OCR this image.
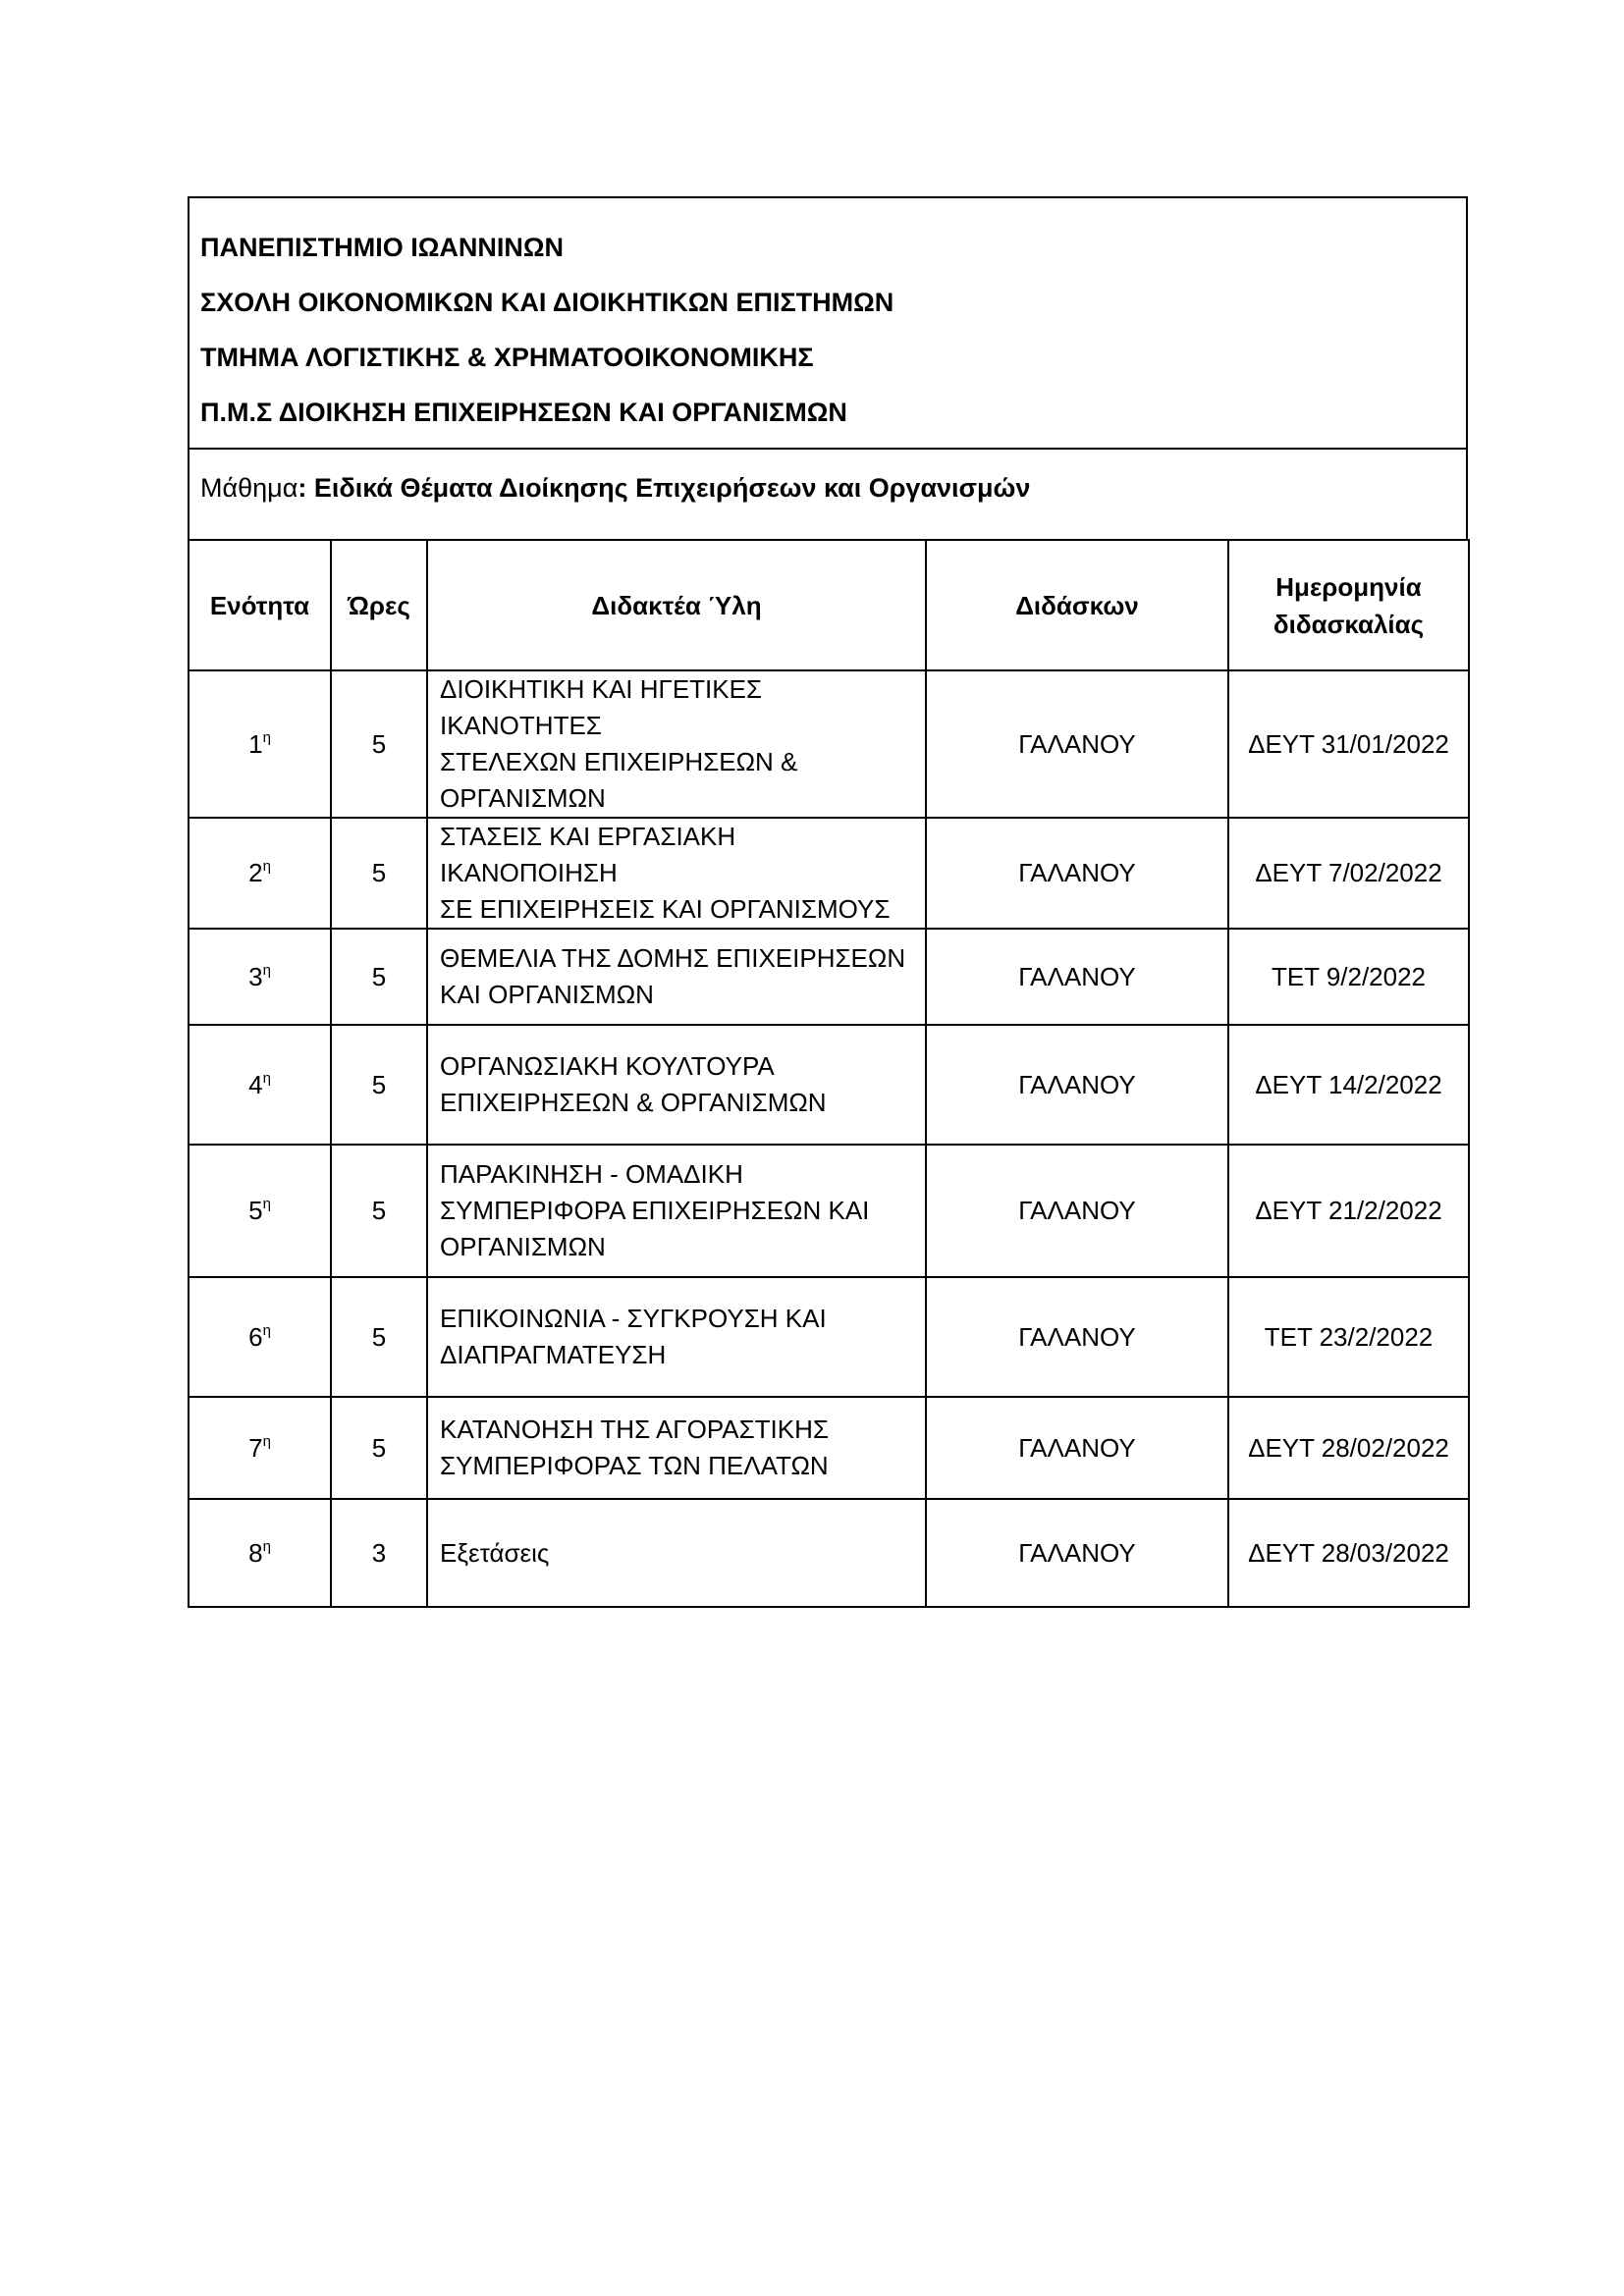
ΠΑΝΕΠΙΣΤΗΜΙΟ ΙΩΑΝΝΙΝΩΝ
ΣΧΟΛΗ ΟΙΚΟΝΟΜΙΚΩΝ ΚΑΙ ΔΙΟΙΚΗΤΙΚΩΝ ΕΠΙΣΤΗΜΩΝ
ΤΜΗΜΑ ΛΟΓΙΣΤΙΚΗΣ & ΧΡΗΜΑΤΟΟΙΚΟΝΟΜΙΚΗΣ
Π.Μ.Σ ΔΙΟΙΚΗΣΗ ΕΠΙΧΕΙΡΗΣΕΩΝ ΚΑΙ ΟΡΓΑΝΙΣΜΩΝ
Μάθημα: Ειδικά Θέματα Διοίκησης Επιχειρήσεων και Οργανισμών
Ενότητα	Ώρες	Διδακτέα Ύλη	Διδάσκων	Ημερομηνία
διδασκαλίας
$1^\eta$	5	ΔΙΟΙΚΗΤΙΚΗ ΚΑΙ ΗΓΕΤΙΚΕΣ ΙΚΑΝΟΤΗΤΕΣ
ΣΤΕΛΕΧΩΝ ΕΠΙΧΕΙΡΗΣΕΩΝ &
ΟΡΓΑΝΙΣΜΩΝ	ΓΑΛΑΝΟΥ	ΔΕΥΤ 31/01/2022
$2^\eta$	5	ΣΤΑΣΕΙΣ ΚΑΙ ΕΡΓΑΣΙΑΚΗ ΙΚΑΝΟΠΟΙΗΣΗ
ΣΕ ΕΠΙΧΕΙΡΗΣΕΙΣ ΚΑΙ ΟΡΓΑΝΙΣΜΟΥΣ	ΓΑΛΑΝΟΥ	ΔΕΥΤ 7/02/2022
$3^\eta$	5	ΘΕΜΕΛΙΑ ΤΗΣ ΔΟΜΗΣ ΕΠΙΧΕΙΡΗΣΕΩΝ
ΚΑΙ ΟΡΓΑΝΙΣΜΩΝ	ΓΑΛΑΝΟΥ	ΤΕΤ 9/2/2022
$4^\eta$	5	ΟΡΓΑΝΩΣΙΑΚΗ ΚΟΥΛΤΟΥΡΑ
ΕΠΙΧΕΙΡΗΣΕΩΝ & ΟΡΓΑΝΙΣΜΩΝ	ΓΑΛΑΝΟΥ	ΔΕΥΤ 14/2/2022
$5^\eta$	5	ΠΑΡΑΚΙΝΗΣΗ - ΟΜΑΔΙΚΗ
ΣΥΜΠΕΡΙΦΟΡΑ ΕΠΙΧΕΙΡΗΣΕΩΝ ΚΑΙ
ΟΡΓΑΝΙΣΜΩΝ	ΓΑΛΑΝΟΥ	ΔΕΥΤ 21/2/2022
$6^\eta$	5	ΕΠΙΚΟΙΝΩΝΙΑ - ΣΥΓΚΡΟΥΣΗ ΚΑΙ
ΔΙΑΠΡΑΓΜΑΤΕΥΣΗ	ΓΑΛΑΝΟΥ	ΤΕΤ 23/2/2022
$7^\eta$	5	ΚΑΤΑΝΟΗΣΗ ΤΗΣ ΑΓΟΡΑΣΤΙΚΗΣ
ΣΥΜΠΕΡΙΦΟΡΑΣ ΤΩΝ ΠΕΛΑΤΩΝ	ΓΑΛΑΝΟΥ	ΔΕΥΤ 28/02/2022
$8^\eta$	3	Εξετάσεις	ΓΑΛΑΝΟΥ	ΔΕΥΤ 28/03/2022
